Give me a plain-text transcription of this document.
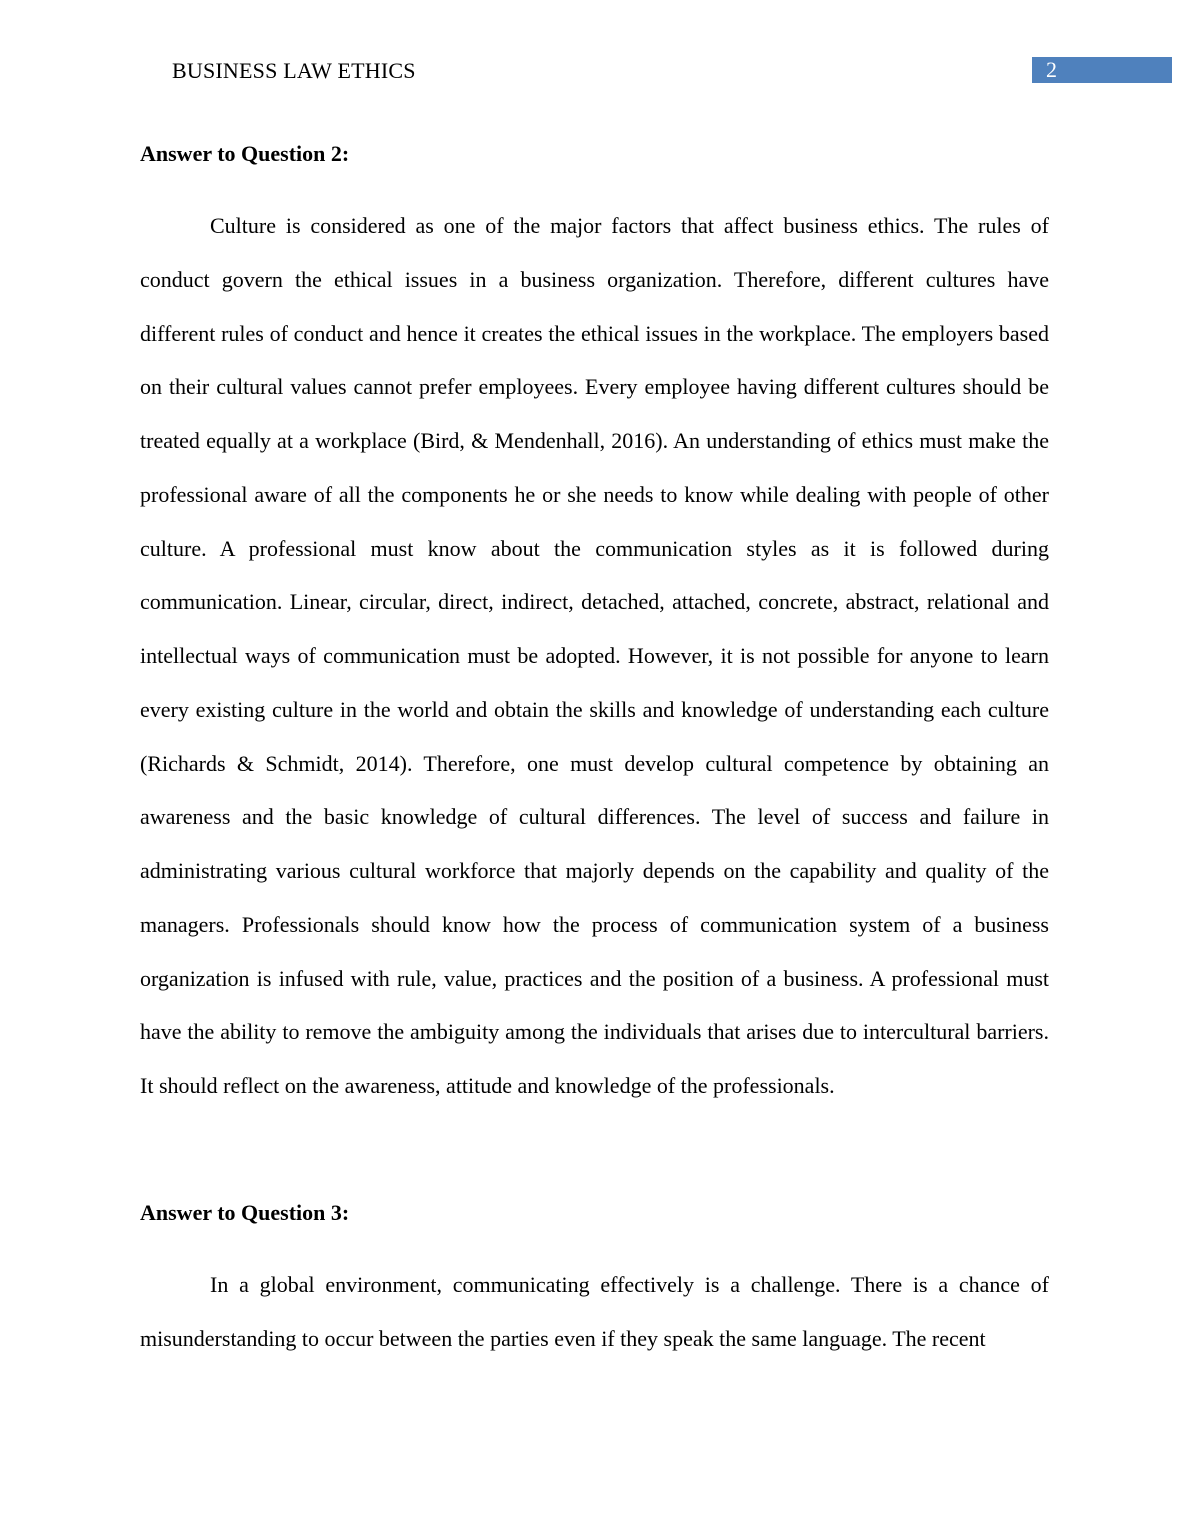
BUSINESS LAW ETHICS	2
Answer to Question 2:

Culture is considered as one of the major factors that affect business ethics. The rules of conduct govern the ethical issues in a business organization. Therefore, different cultures have different rules of conduct and hence it creates the ethical issues in the workplace. The employers based on their cultural values cannot prefer employees. Every employee having different cultures should be treated equally at a workplace (Bird, & Mendenhall, 2016). An understanding of ethics must make the professional aware of all the components he or she needs to know while dealing with people of other culture. A professional must know about the communication styles as it is followed during communication. Linear, circular, direct, indirect, detached, attached, concrete, abstract, relational and intellectual ways of communication must be adopted. However, it is not possible for anyone to learn every existing culture in the world and obtain the skills and knowledge of understanding each culture (Richards & Schmidt, 2014). Therefore, one must develop cultural competence by obtaining an awareness and the basic knowledge of cultural differences. The level of success and failure in administrating various cultural workforce that majorly depends on the capability and quality of the managers. Professionals should know how the process of communication system of a business organization is infused with rule, value, practices and the position of a business. A professional must have the ability to remove the ambiguity among the individuals that arises due to intercultural barriers. It should reflect on the awareness, attitude and knowledge of the professionals.

Answer to Question 3:

In a global environment, communicating effectively is a challenge. There is a chance of misunderstanding to occur between the parties even if they speak the same language. The recent
